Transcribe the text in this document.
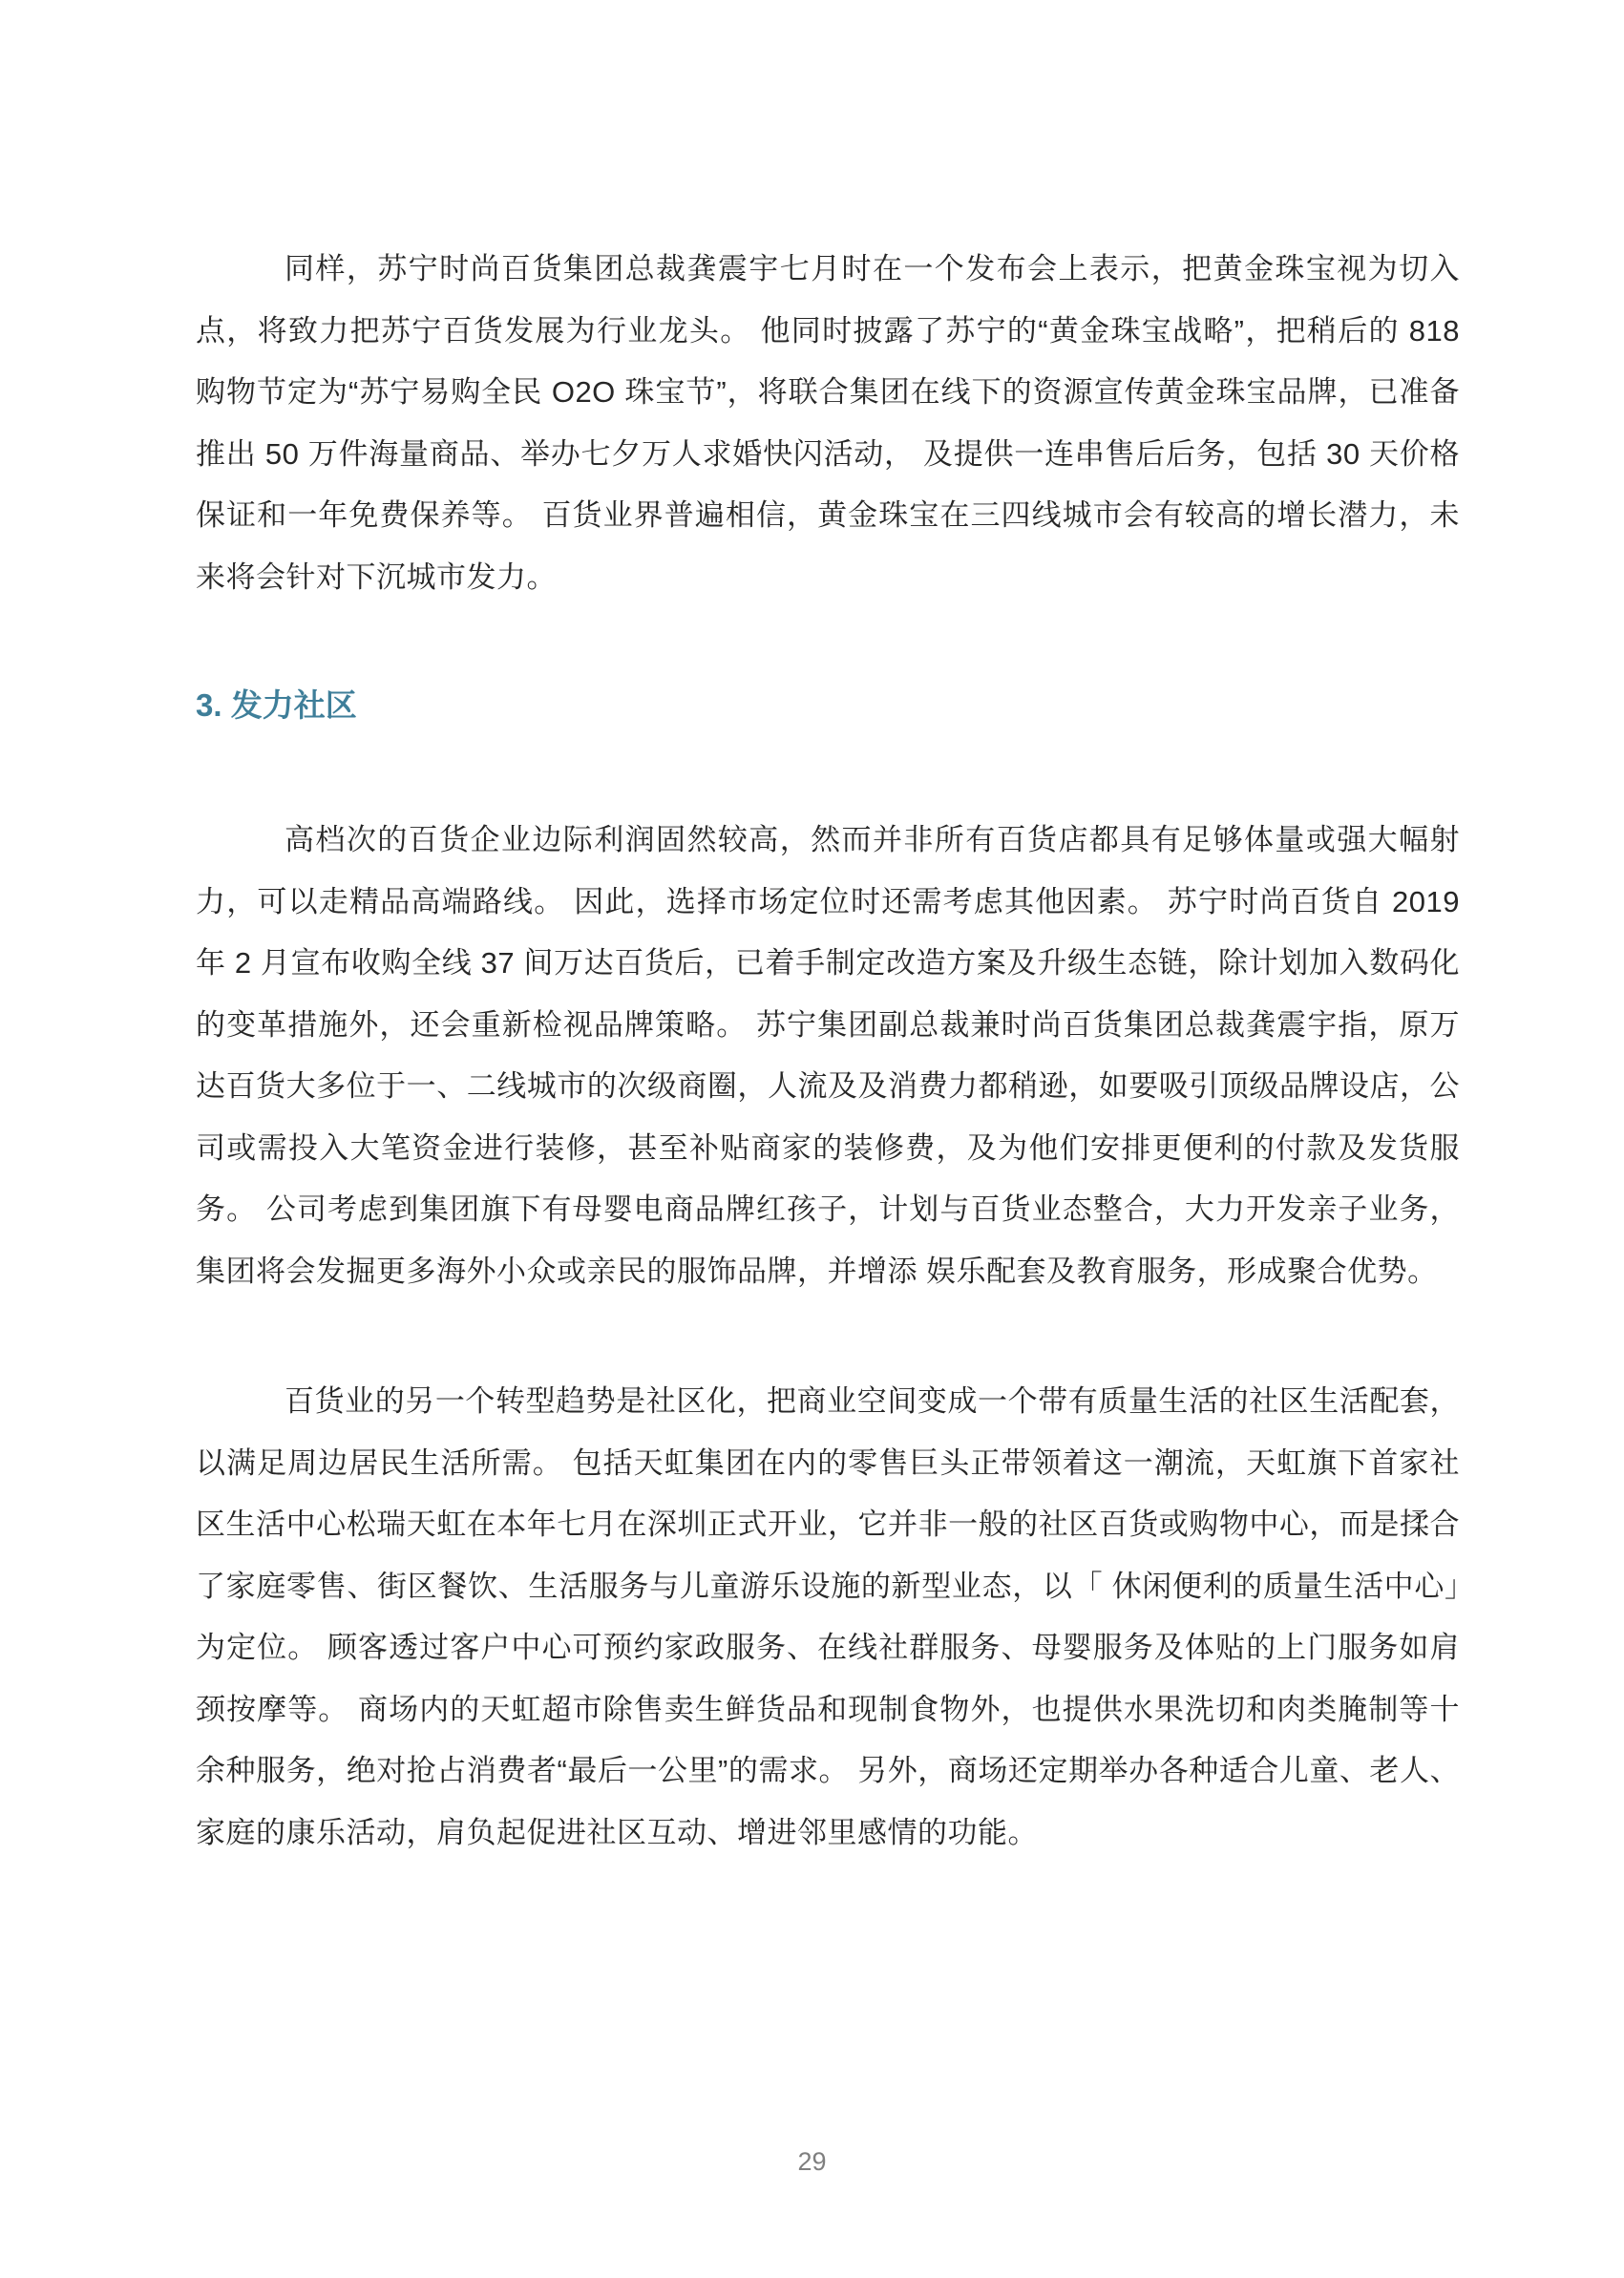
同样，苏宁时尚百货集团总裁龚震宇七月时在一个发布会上表示，把黄金珠宝视为切入点，将致力把苏宁百货发展为行业龙头。 他同时披露了苏宁的“黄金珠宝战略”，把稍后的 818 购物节定为“苏宁易购全民 O2O 珠宝节”，将联合集团在线下的资源宣传黄金珠宝品牌，已准备推出 50 万件海量商品、举办七夕万人求婚快闪活动， 及提供一连串售后后务，包括 30 天价格保证和一年免费保养等。 百货业界普遍相信，黄金珠宝在三四线城市会有较高的增长潜力，未来将会针对下沉城市发力。

3. 发力社区

高档次的百货企业边际利润固然较高，然而并非所有百货店都具有足够体量或强大幅射力，可以走精品高端路线。 因此，选择市场定位时还需考虑其他因素。 苏宁时尚百货自 2019 年 2 月宣布收购全线 37 间万达百货后，已着手制定改造方案及升级生态链，除计划加入数码化的变革措施外，还会重新检视品牌策略。 苏宁集团副总裁兼时尚百货集团总裁龚震宇指，原万达百货大多位于一、二线城市的次级商圈，人流及及消费力都稍逊，如要吸引顶级品牌设店，公司或需投入大笔资金进行装修，甚至补贴商家的装修费，及为他们安排更便利的付款及发货服务。 公司考虑到集团旗下有母婴电商品牌红孩子，计划与百货业态整合，大力开发亲子业务，集团将会发掘更多海外小众或亲民的服饰品牌，并增添 娱乐配套及教育服务，形成聚合优势。

百货业的另一个转型趋势是社区化，把商业空间变成一个带有质量生活的社区生活配套，以满足周边居民生活所需。 包括天虹集团在内的零售巨头正带领着这一潮流，天虹旗下首家社区生活中心松瑞天虹在本年七月在深圳正式开业，它并非一般的社区百货或购物中心，而是揉合了家庭零售、街区餐饮、生活服务与儿童游乐设施的新型业态，以「 休闲便利的质量生活中心」为定位。 顾客透过客户中心可预约家政服务、在线社群服务、母婴服务及体贴的上门服务如肩颈按摩等。 商场内的天虹超市除售卖生鲜货品和现制食物外，也提供水果洗切和肉类腌制等十余种服务，绝对抢占消费者“最后一公里”的需求。 另外，商场还定期举办各种适合儿童、老人、家庭的康乐活动，肩负起促进社区互动、增进邻里感情的功能。

29
